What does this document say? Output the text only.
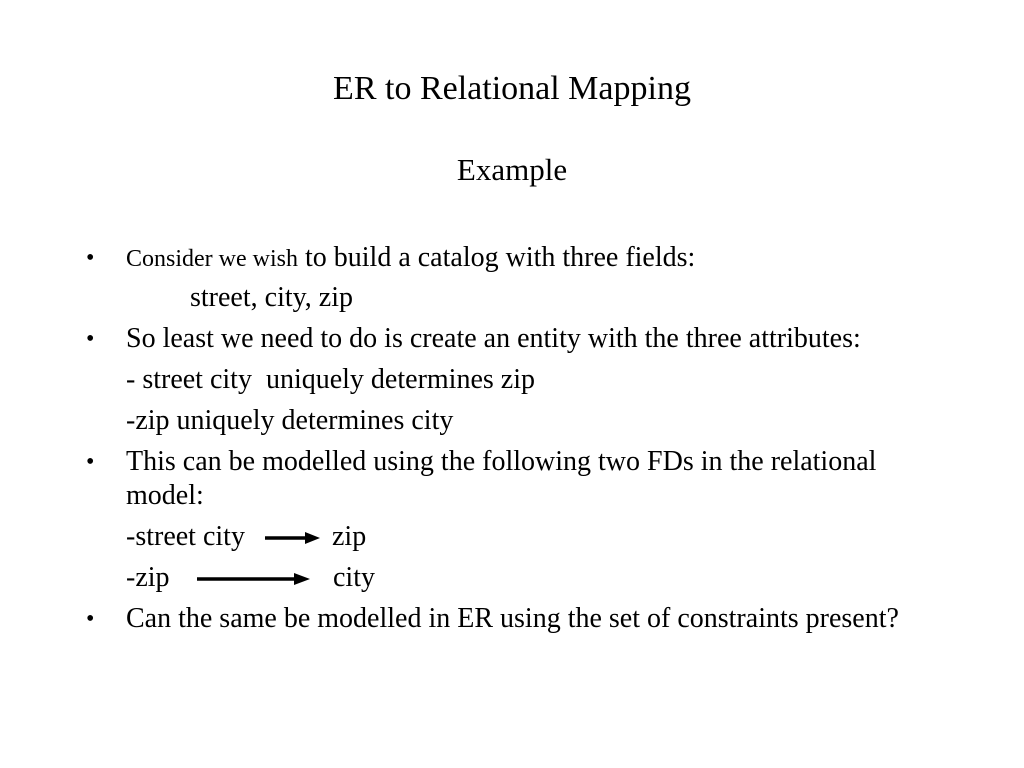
ER to Relational Mapping
Example
• Consider we wish to build a catalog with three fields:
street, city, zip
• So least we need to do is create an entity with the three attributes:
- street city  uniquely determines zip
-zip uniquely determines city
• This can be modelled using the following two FDs in the relational
model:
-street city	zip
-zip	city
• Can the same be modelled in ER using the set of constraints present?
